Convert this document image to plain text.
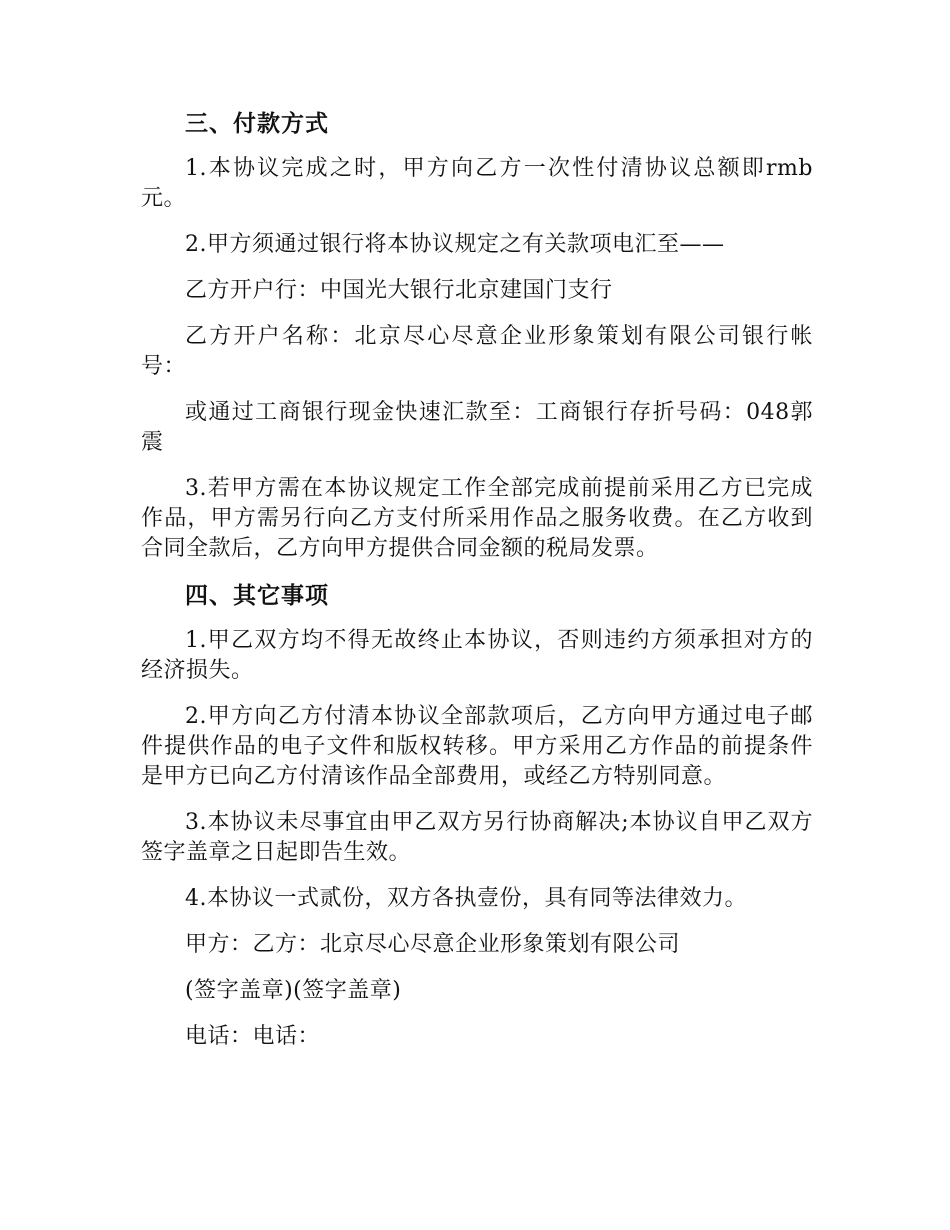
三、付款方式

1.本协议完成之时，甲方向乙方一次性付清协议总额即rmb元。

2.甲方须通过银行将本协议规定之有关款项电汇至——

乙方开户行：中国光大银行北京建国门支行

乙方开户名称：北京尽心尽意企业形象策划有限公司银行帐号：

或通过工商银行现金快速汇款至：工商银行存折号码：048郭震

3.若甲方需在本协议规定工作全部完成前提前采用乙方已完成作品，甲方需另行向乙方支付所采用作品之服务收费。在乙方收到合同全款后，乙方向甲方提供合同金额的税局发票。

四、其它事项

1.甲乙双方均不得无故终止本协议，否则违约方须承担对方的经济损失。

2.甲方向乙方付清本协议全部款项后，乙方向甲方通过电子邮件提供作品的电子文件和版权转移。甲方采用乙方作品的前提条件是甲方已向乙方付清该作品全部费用，或经乙方特别同意。

3.本协议未尽事宜由甲乙双方另行协商解决;本协议自甲乙双方签字盖章之日起即告生效。

4.本协议一式贰份，双方各执壹份，具有同等法律效力。

甲方：乙方：北京尽心尽意企业形象策划有限公司

(签字盖章)(签字盖章)

电话：电话：
